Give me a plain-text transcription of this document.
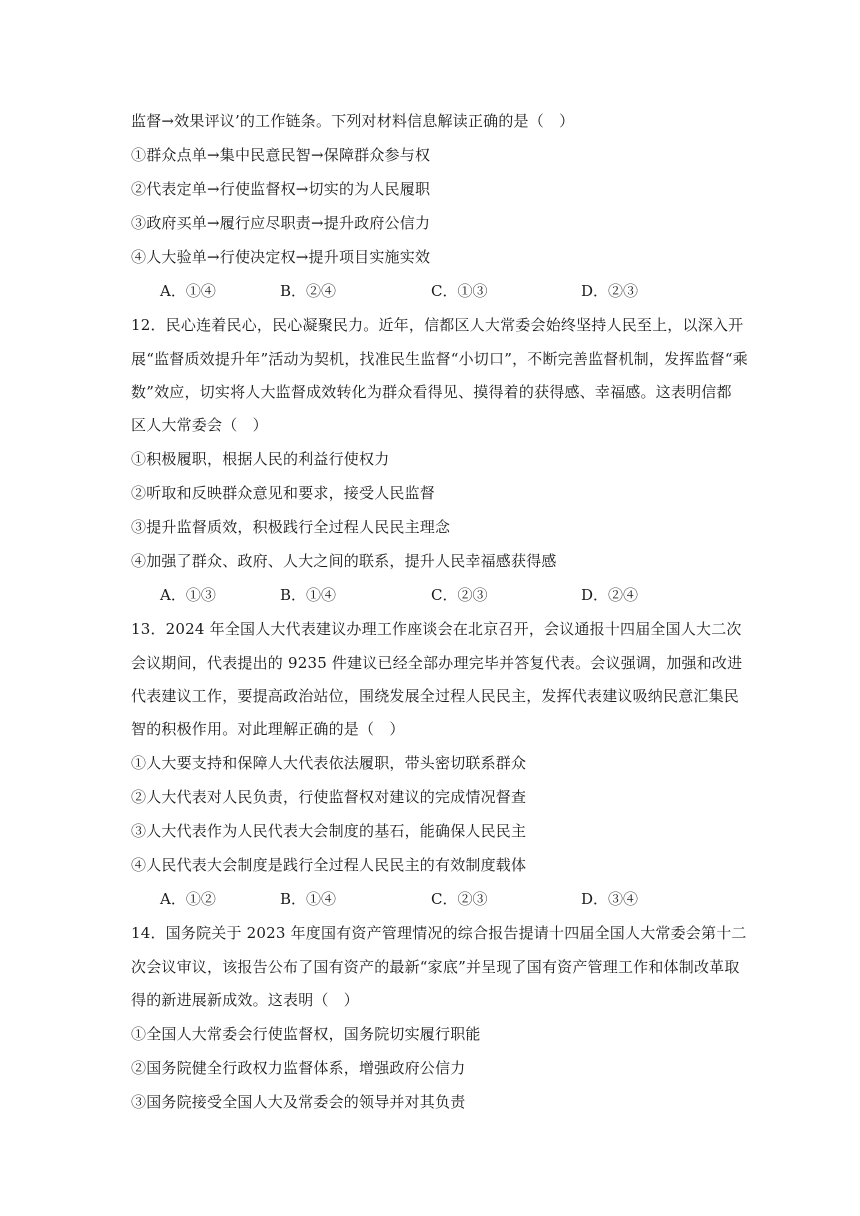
监督→效果评议’的工作链条。下列对材料信息解读正确的是（　）
①群众点单→集中民意民智→保障群众参与权
②代表定单→行使监督权→切实的为人民履职
③政府买单→履行应尽职责→提升政府公信力
④人大验单→行使决定权→提升项目实施实效
A．①④	B．②④	C．①③	D．②③
12．民心连着民心，民心凝聚民力。近年，信都区人大常委会始终坚持人民至上，以深入开
展“监督质效提升年”活动为契机，找准民生监督“小切口”，不断完善监督机制，发挥监督“乘
数”效应，切实将人大监督成效转化为群众看得见、摸得着的获得感、幸福感。这表明信都
区人大常委会（　）
①积极履职，根据人民的利益行使权力
②听取和反映群众意见和要求，接受人民监督
③提升监督质效，积极践行全过程人民民主理念
④加强了群众、政府、人大之间的联系，提升人民幸福感获得感
A．①③	B．①④	C．②③	D．②④
13．2024 年全国人大代表建议办理工作座谈会在北京召开，会议通报十四届全国人大二次
会议期间，代表提出的 9235 件建议已经全部办理完毕并答复代表。会议强调，加强和改进
代表建议工作，要提高政治站位，围绕发展全过程人民民主，发挥代表建议吸纳民意汇集民
智的积极作用。对此理解正确的是（　）
①人大要支持和保障人大代表依法履职，带头密切联系群众
②人大代表对人民负责，行使监督权对建议的完成情况督查
③人大代表作为人民代表大会制度的基石，能确保人民民主
④人民代表大会制度是践行全过程人民民主的有效制度载体
A．①②	B．①④	C．②③	D．③④
14．国务院关于 2023 年度国有资产管理情况的综合报告提请十四届全国人大常委会第十二
次会议审议，该报告公布了国有资产的最新“家底”并呈现了国有资产管理工作和体制改革取
得的新进展新成效。这表明（　）
①全国人大常委会行使监督权，国务院切实履行职能
②国务院健全行政权力监督体系，增强政府公信力
③国务院接受全国人大及常委会的领导并对其负责
